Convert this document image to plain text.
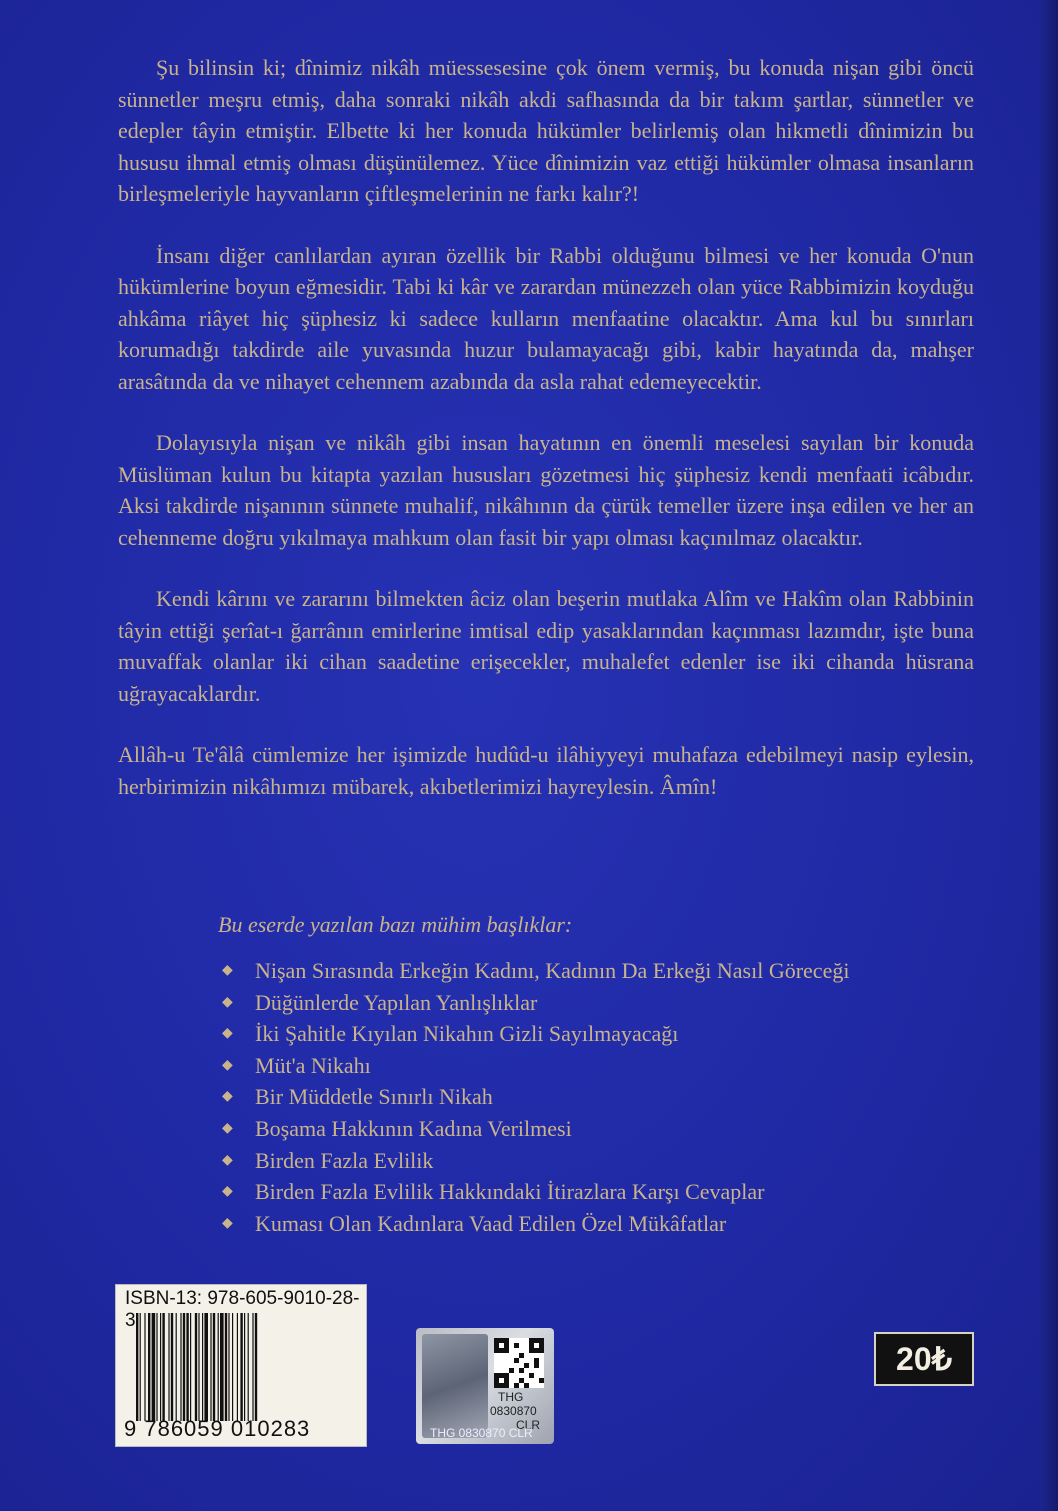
Şu bilinsin ki; dînimiz nikâh müessesesine çok önem vermiş, bu konuda nişan gibi öncü sünnetler meşru etmiş, daha sonraki nikâh akdi safhasında da bir takım şartlar, sünnetler ve edepler tâyin etmiştir. Elbette ki her konuda hükümler belirlemiş olan hikmetli dînimizin bu hususu ihmal etmiş olması düşünülemez. Yüce dînimizin vaz ettiği hükümler olmasa insanların birleşmeleriyle hayvanların çiftleşmelerinin ne farkı kalır?!

İnsanı diğer canlılardan ayıran özellik bir Rabbi olduğunu bilmesi ve her konuda O'nun hükümlerine boyun eğmesidir. Tabi ki kâr ve zarardan münezzeh olan yüce Rabbimizin koyduğu ahkâma riâyet hiç şüphesiz ki sadece kulların menfaatine olacaktır. Ama kul bu sınırları korumadığı takdirde aile yuvasında huzur bulamayacağı gibi, kabir hayatında da, mahşer arasâtında da ve nihayet cehennem azabında da asla rahat edemeyecektir.

Dolayısıyla nişan ve nikâh gibi insan hayatının en önemli meselesi sayılan bir konuda Müslüman kulun bu kitapta yazılan hususları gözetmesi hiç şüphesiz kendi menfaati icâbıdır. Aksi takdirde nişanının sünnete muhalif, nikâhının da çürük temeller üzere inşa edilen ve her an cehenneme doğru yıkılmaya mahkum olan fasit bir yapı olması kaçınılmaz olacaktır.

Kendi kârını ve zararını bilmekten âciz olan beşerin mutlaka Alîm ve Hakîm olan Rabbinin tâyin ettiği şerîat-ı ğarrânın emirlerine imtisal edip yasaklarından kaçınması lazımdır, işte buna muvaffak olanlar iki cihan saadetine erişecekler, muhalefet edenler ise iki cihanda hüsrana uğrayacaklardır.

Allâh-u Te'âlâ cümlemize her işimizde hudûd-u ilâhiyyeyi muhafaza edebilmeyi nasip eylesin, herbirimizin nikâhımızı mübarek, akıbetlerimizi hayreylesin. Âmîn!

Bu eserde yazılan bazı mühim başlıklar:
◆	Nişan Sırasında Erkeğin Kadını, Kadının Da Erkeği Nasıl Göreceği
◆	Düğünlerde Yapılan Yanlışlıklar
◆	İki Şahitle Kıyılan Nikahın Gizli Sayılmayacağı
◆	Müt'a Nikahı
◆	Bir Müddetle Sınırlı Nikah
◆	Boşama Hakkının Kadına Verilmesi
◆	Birden Fazla Evlilik
◆	Birden Fazla Evlilik Hakkındaki İtirazlara Karşı Cevaplar
◆	Kuması Olan Kadınlara Vaad Edilen Özel Mükâfatlar
ISBN-13: 978-605-9010-28-3
9 786059 010283
THG
0830870
CLR
THG 0830870 CLR
20₺
